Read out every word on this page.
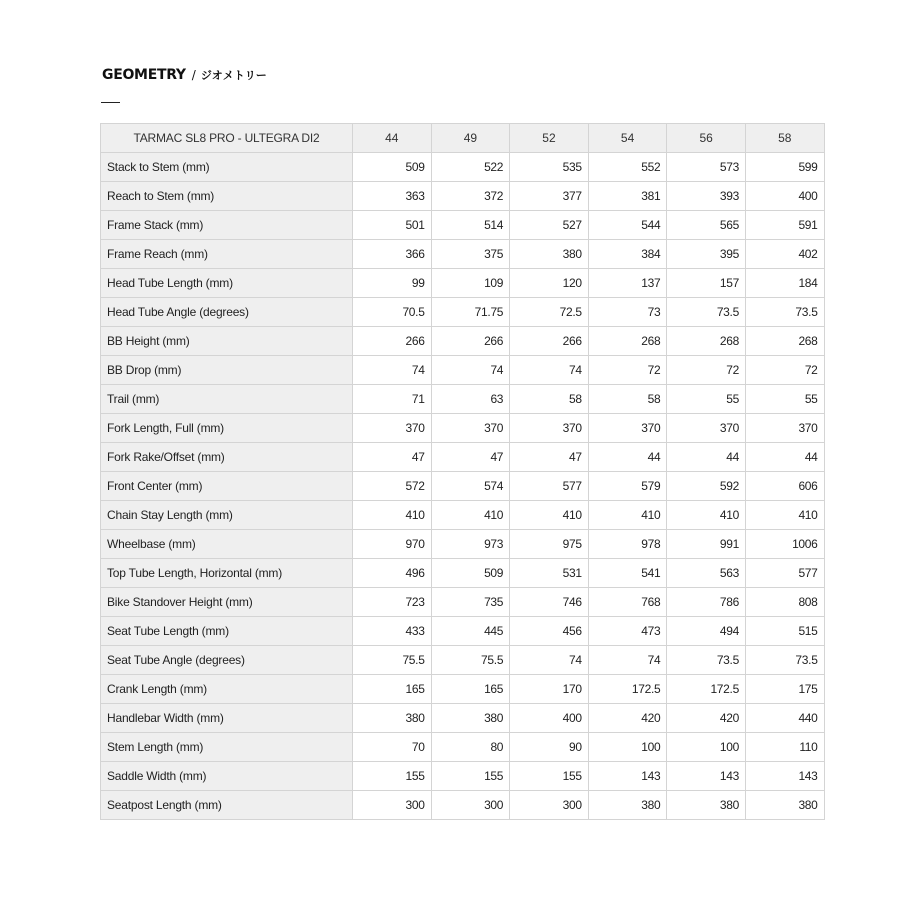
GEOMETRY / ジオメトリー
TARMAC SL8 PRO - ULTEGRA DI2	44	49	52	54	56	58
Stack to Stem (mm)	509	522	535	552	573	599
Reach to Stem (mm)	363	372	377	381	393	400
Frame Stack (mm)	501	514	527	544	565	591
Frame Reach (mm)	366	375	380	384	395	402
Head Tube Length (mm)	99	109	120	137	157	184
Head Tube Angle (degrees)	70.5	71.75	72.5	73	73.5	73.5
BB Height (mm)	266	266	266	268	268	268
BB Drop (mm)	74	74	74	72	72	72
Trail (mm)	71	63	58	58	55	55
Fork Length, Full (mm)	370	370	370	370	370	370
Fork Rake/Offset (mm)	47	47	47	44	44	44
Front Center (mm)	572	574	577	579	592	606
Chain Stay Length (mm)	410	410	410	410	410	410
Wheelbase (mm)	970	973	975	978	991	1006
Top Tube Length, Horizontal (mm)	496	509	531	541	563	577
Bike Standover Height (mm)	723	735	746	768	786	808
Seat Tube Length (mm)	433	445	456	473	494	515
Seat Tube Angle (degrees)	75.5	75.5	74	74	73.5	73.5
Crank Length (mm)	165	165	170	172.5	172.5	175
Handlebar Width (mm)	380	380	400	420	420	440
Stem Length (mm)	70	80	90	100	100	110
Saddle Width (mm)	155	155	155	143	143	143
Seatpost Length (mm)	300	300	300	380	380	380
